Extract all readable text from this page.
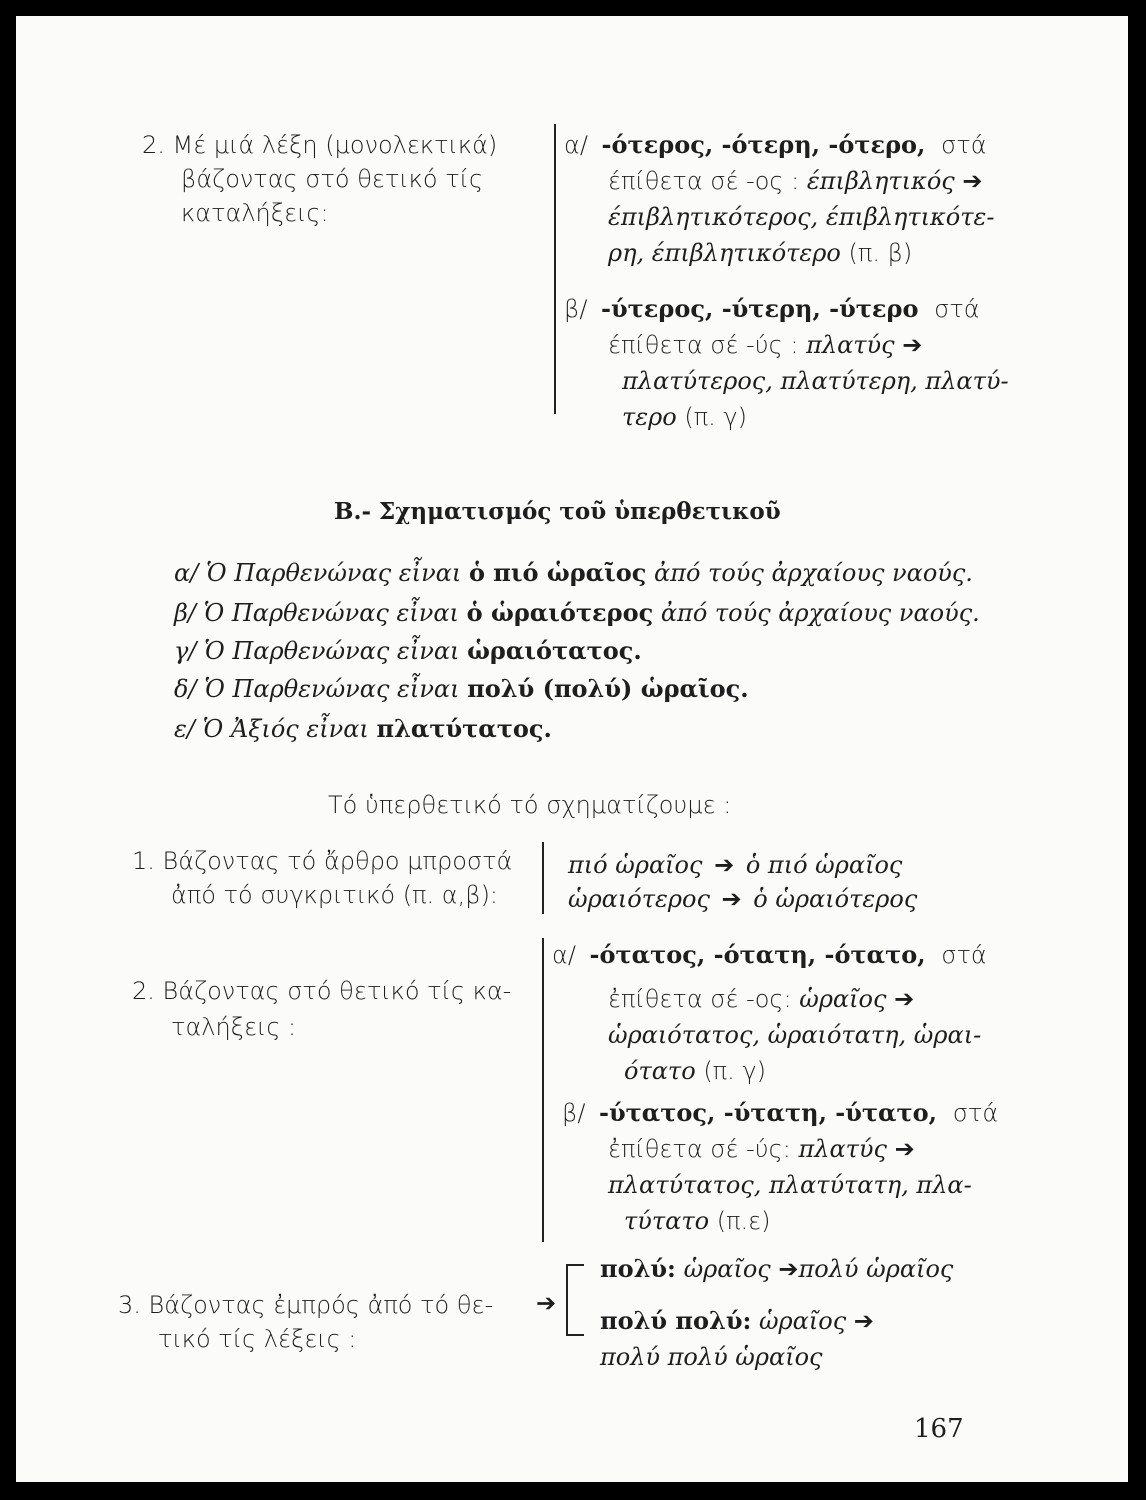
2. Μέ μιά λέξη (μονολεκτικά)
βάζοντας στό θετικό τίς
καταλήξεις:
α/ -ότερος, -ότερη, -ότερο, στά
έπίθετα σέ -ος : έπιβλητικός ➔
έπιβλητικότερος, έπιβλητικότε-
ρη, έπιβλητικότερο (π. β)
β/ -ύτερος, -ύτερη, -ύτερο στά
έπίθετα σέ -ύς : πλατύς ➔
πλατύτερος, πλατύτερη, πλατύ-
τερο (π. γ)
Β.- Σχηματισμός τοῦ ὑπερθετικοῦ
α/ Ὁ Παρθενώνας εἶναι ὁ πιό ὡραῖος ἀπό τούς ἀρχαίους ναούς.
β/ Ὁ Παρθενώνας εἶναι ὁ ὡραιότερος ἀπό τούς ἀρχαίους ναούς.
γ/ Ὁ Παρθενώνας εἶναι ὡραιότατος.
δ/ Ὁ Παρθενώνας εἶναι πολύ (πολύ) ὡραῖος.
ε/ Ὁ Ἀξιός εἶναι πλατύτατος.
Τό ὑπερθετικό τό σχηματίζουμε :
1. Βάζοντας τό ἄρθρο μπροστά
ἀπό τό συγκριτικό (π. α,β):
πιό ὡραῖος ➔ ὁ πιό ὡραῖος
ὡραιότερος ➔ ὁ ὡραιότερος
2. Βάζοντας στό θετικό τίς κα-
ταλήξεις :
α/ -ότατος, -ότατη, -ότατο, στά
ἐπίθετα σέ -ος: ὡραῖος ➔
ὡραιότατος, ὡραιότατη, ὡραι-
ότατο (π. γ)
β/ -ύτατος, -ύτατη, -ύτατο, στά
ἐπίθετα σέ -ύς: πλατύς ➔
πλατύτατος, πλατύτατη, πλα-
τύτατο (π.ε)
3. Βάζοντας ἐμπρός ἀπό τό θε-
τικό τίς λέξεις :
➔
πολύ: ὡραῖος ➔πολύ ὡραῖος
πολύ πολύ: ὡραῖος ➔
πολύ πολύ ὡραῖος
167
